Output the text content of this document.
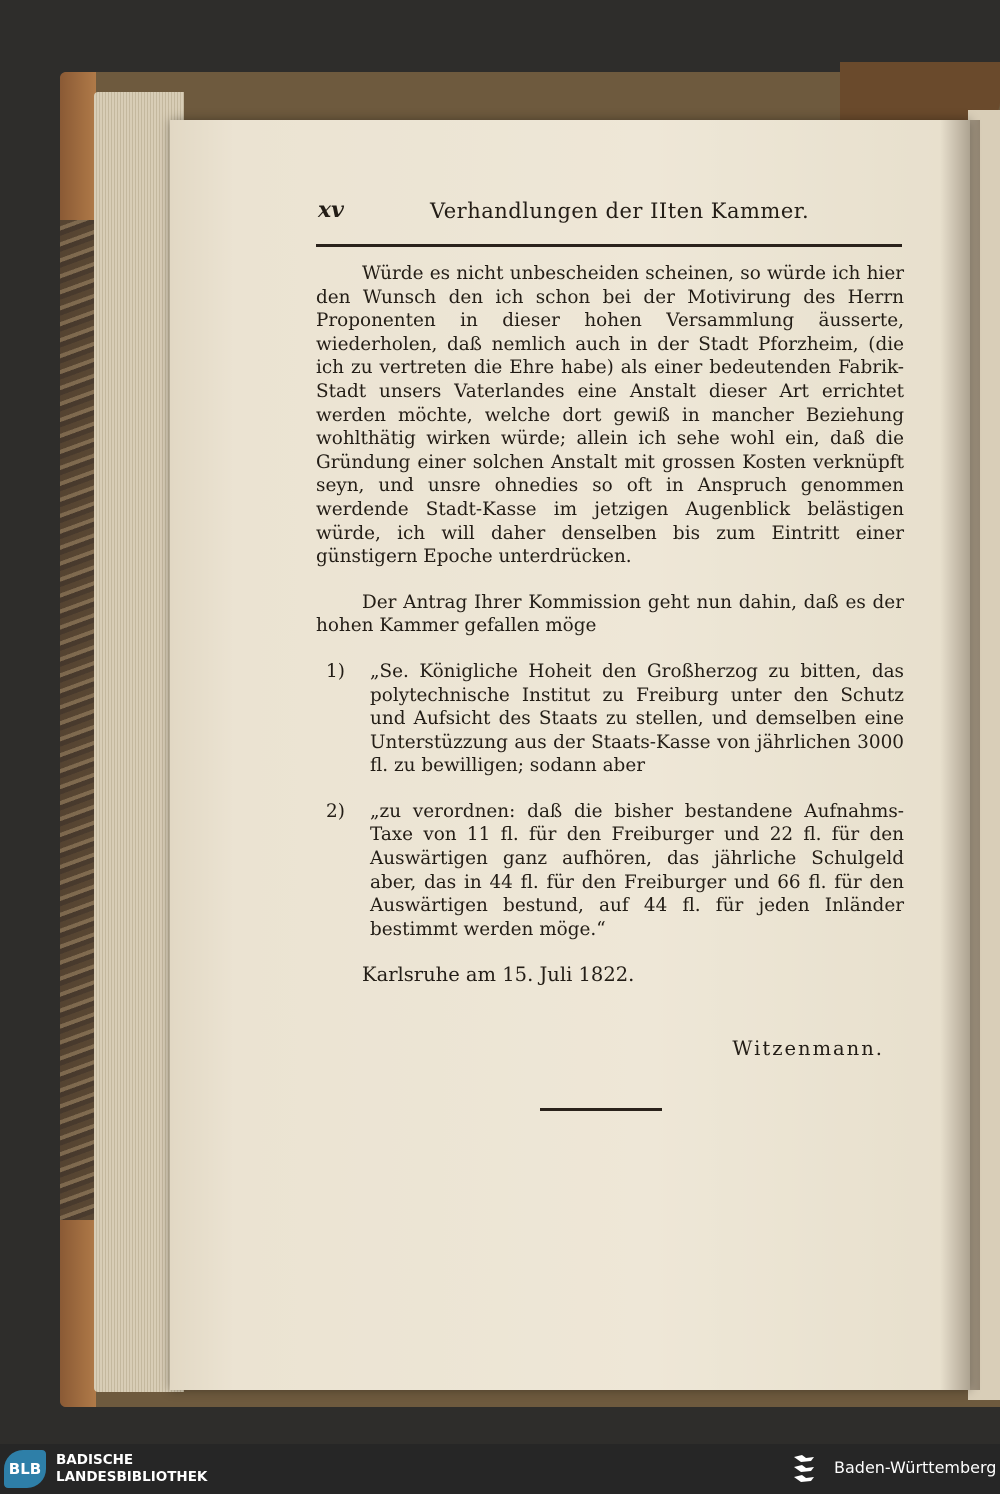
xv	Verhandlungen der IIten Kammer.

Würde es nicht unbescheiden scheinen, so würde ich hier den Wunsch den ich schon bei der Motivirung des Herrn Proponenten in dieser hohen Versammlung äusserte, wiederholen, daß nemlich auch in der Stadt Pforzheim, (die ich zu vertreten die Ehre habe) als einer bedeutenden Fabrik-Stadt unsers Vaterlandes eine Anstalt dieser Art errichtet werden möchte, welche dort gewiß in mancher Beziehung wohlthätig wirken würde; allein ich sehe wohl ein, daß die Gründung einer solchen Anstalt mit grossen Kosten verknüpft seyn, und unsre ohnedies so oft in Anspruch genommen werdende Stadt-Kasse im jetzigen Augenblick belästigen würde, ich will daher denselben bis zum Eintritt einer günstigern Epoche unterdrücken.

Der Antrag Ihrer Kommission geht nun dahin, daß es der hohen Kammer gefallen möge

1) „Se. Königliche Hoheit den Großherzog zu bitten, das polytechnische Institut zu Freiburg unter den Schutz und Aufsicht des Staats zu stellen, und demselben eine Unterstüzzung aus der Staats-Kasse von jährlichen 3000 fl. zu bewilligen; sodann aber

2) „zu verordnen: daß die bisher bestandene Aufnahms-Taxe von 11 fl. für den Freiburger und 22 fl. für den Auswärtigen ganz aufhören, das jährliche Schulgeld aber, das in 44 fl. für den Freiburger und 66 fl. für den Auswärtigen bestund, auf 44 fl. für jeden Inländer bestimmt werden möge.“

Karlsruhe am 15. Juli 1822.

Witzenmann.

BLB	BADISCHE
LANDESBIBLIOTHEK	Baden-Württemberg
